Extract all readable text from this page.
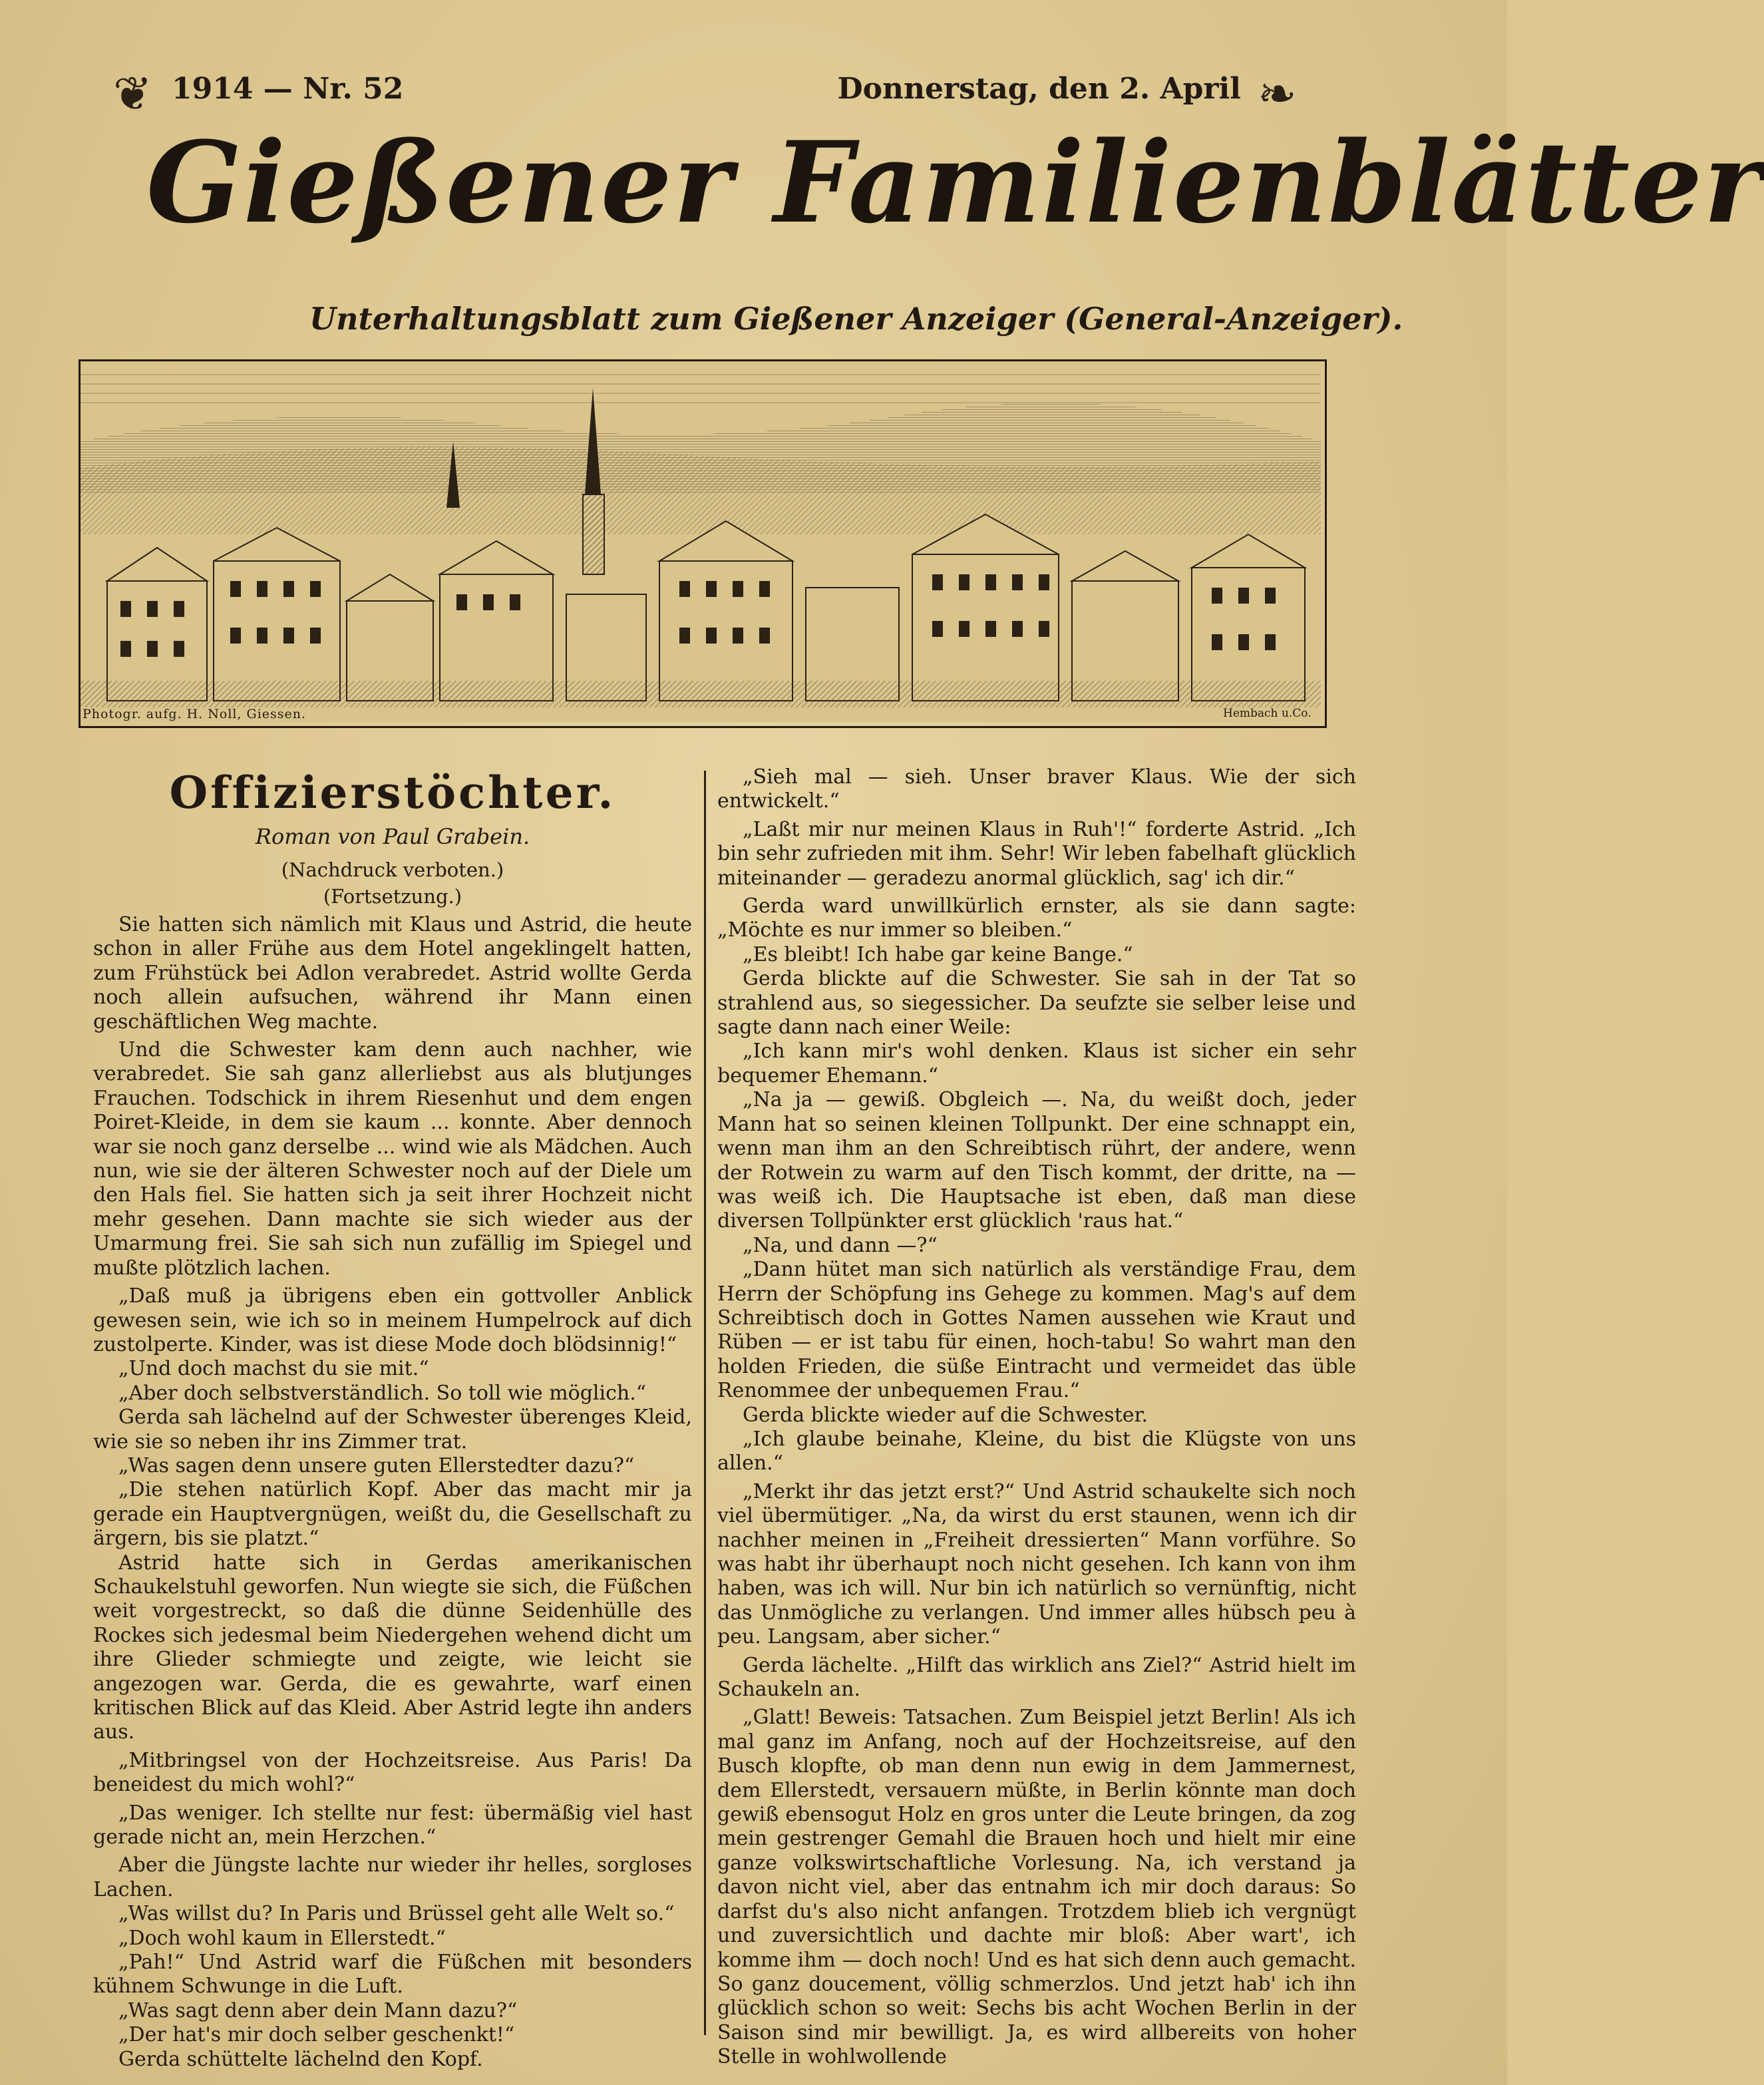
❦ 1914 — Nr. 52	Donnerstag, den 2. April ❧
Gießener Familienblätter
Unterhaltungsblatt zum Gießener Anzeiger (General-Anzeiger).
Photogr. aufg. H. Noll, Giessen.	Hembach u.Co.
Offizierstöchter.
Roman von Paul Grabein.
(Nachdruck verboten.)
(Fortsetzung.)

Sie hatten sich nämlich mit Klaus und Astrid, die heute schon in aller Frühe aus dem Hotel angeklingelt hatten, zum Frühstück bei Adlon verabredet. Astrid wollte Gerda noch allein aufsuchen, während ihr Mann einen geschäftlichen Weg machte.

Und die Schwester kam denn auch nachher, wie verabredet. Sie sah ganz allerliebst aus als blutjunges Frauchen. Todschick in ihrem Riesenhut und dem engen Poiret-Kleide, in dem sie kaum ... konnte. Aber dennoch war sie noch ganz derselbe ... wind wie als Mädchen. Auch nun, wie sie der älteren Schwester noch auf der Diele um den Hals fiel. Sie hatten sich ja seit ihrer Hochzeit nicht mehr gesehen. Dann machte sie sich wieder aus der Umarmung frei. Sie sah sich nun zufällig im Spiegel und mußte plötzlich lachen.

„Daß muß ja übrigens eben ein gottvoller Anblick gewesen sein, wie ich so in meinem Humpelrock auf dich zustolperte. Kinder, was ist diese Mode doch blödsinnig!“

„Und doch machst du sie mit.“

„Aber doch selbstverständlich. So toll wie möglich.“

Gerda sah lächelnd auf der Schwester überenges Kleid, wie sie so neben ihr ins Zimmer trat.

„Was sagen denn unsere guten Ellerstedter dazu?“

„Die stehen natürlich Kopf. Aber das macht mir ja gerade ein Hauptvergnügen, weißt du, die Gesellschaft zu ärgern, bis sie platzt.“

Astrid hatte sich in Gerdas amerikanischen Schaukelstuhl geworfen. Nun wiegte sie sich, die Füßchen weit vorgestreckt, so daß die dünne Seidenhülle des Rockes sich jedesmal beim Niedergehen wehend dicht um ihre Glieder schmiegte und zeigte, wie leicht sie angezogen war. Gerda, die es gewahrte, warf einen kritischen Blick auf das Kleid. Aber Astrid legte ihn anders aus.

„Mitbringsel von der Hochzeitsreise. Aus Paris! Da beneidest du mich wohl?“

„Das weniger. Ich stellte nur fest: übermäßig viel hast gerade nicht an, mein Herzchen.“

Aber die Jüngste lachte nur wieder ihr helles, sorgloses Lachen.

„Was willst du? In Paris und Brüssel geht alle Welt so.“

„Doch wohl kaum in Ellerstedt.“

„Pah!“ Und Astrid warf die Füßchen mit besonders kühnem Schwunge in die Luft.

„Was sagt denn aber dein Mann dazu?“

„Der hat's mir doch selber geschenkt!“

Gerda schüttelte lächelnd den Kopf.

„Sieh mal — sieh. Unser braver Klaus. Wie der sich entwickelt.“

„Laßt mir nur meinen Klaus in Ruh'!“ forderte Astrid. „Ich bin sehr zufrieden mit ihm. Sehr! Wir leben fabelhaft glücklich miteinander — geradezu anormal glücklich, sag' ich dir.“

Gerda ward unwillkürlich ernster, als sie dann sagte: „Möchte es nur immer so bleiben.“

„Es bleibt! Ich habe gar keine Bange.“

Gerda blickte auf die Schwester. Sie sah in der Tat so strahlend aus, so siegessicher. Da seufzte sie selber leise und sagte dann nach einer Weile:

„Ich kann mir's wohl denken. Klaus ist sicher ein sehr bequemer Ehemann.“

„Na ja — gewiß. Obgleich —. Na, du weißt doch, jeder Mann hat so seinen kleinen Tollpunkt. Der eine schnappt ein, wenn man ihm an den Schreibtisch rührt, der andere, wenn der Rotwein zu warm auf den Tisch kommt, der dritte, na — was weiß ich. Die Hauptsache ist eben, daß man diese diversen Tollpünkter erst glücklich 'raus hat.“

„Na, und dann —?“

„Dann hütet man sich natürlich als verständige Frau, dem Herrn der Schöpfung ins Gehege zu kommen. Mag's auf dem Schreibtisch doch in Gottes Namen aussehen wie Kraut und Rüben — er ist tabu für einen, hoch-tabu! So wahrt man den holden Frieden, die süße Eintracht und vermeidet das üble Renommee der unbequemen Frau.“

Gerda blickte wieder auf die Schwester.

„Ich glaube beinahe, Kleine, du bist die Klügste von uns allen.“

„Merkt ihr das jetzt erst?“ Und Astrid schaukelte sich noch viel übermütiger. „Na, da wirst du erst staunen, wenn ich dir nachher meinen in „Freiheit dressierten“ Mann vorführe. So was habt ihr überhaupt noch nicht gesehen. Ich kann von ihm haben, was ich will. Nur bin ich natürlich so vernünftig, nicht das Unmögliche zu verlangen. Und immer alles hübsch peu à peu. Langsam, aber sicher.“

Gerda lächelte. „Hilft das wirklich ans Ziel?“ Astrid hielt im Schaukeln an.

„Glatt! Beweis: Tatsachen. Zum Beispiel jetzt Berlin! Als ich mal ganz im Anfang, noch auf der Hochzeitsreise, auf den Busch klopfte, ob man denn nun ewig in dem Jammernest, dem Ellerstedt, versauern müßte, in Berlin könnte man doch gewiß ebensogut Holz en gros unter die Leute bringen, da zog mein gestrenger Gemahl die Brauen hoch und hielt mir eine ganze volkswirtschaftliche Vorlesung. Na, ich verstand ja davon nicht viel, aber das entnahm ich mir doch daraus: So darfst du's also nicht anfangen. Trotzdem blieb ich vergnügt und zuversichtlich und dachte mir bloß: Aber wart', ich komme ihm — doch noch! Und es hat sich denn auch gemacht. So ganz doucement, völlig schmerzlos. Und jetzt hab' ich ihn glücklich schon so weit: Sechs bis acht Wochen Berlin in der Saison sind mir bewilligt. Ja, es wird allbereits von hoher Stelle in wohlwollende
